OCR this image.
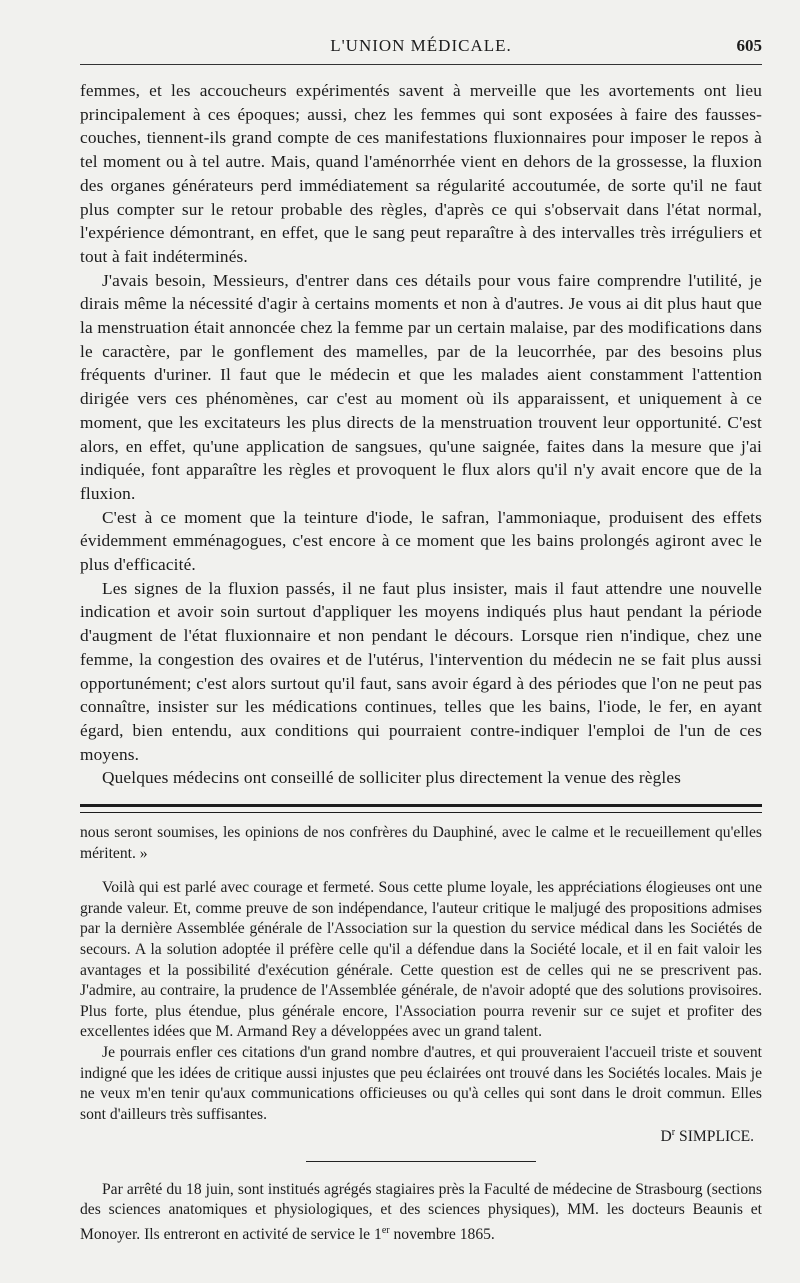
L'UNION MÉDICALE.	605

femmes, et les accoucheurs expérimentés savent à merveille que les avortements ont lieu principalement à ces époques; aussi, chez les femmes qui sont exposées à faire des fausses-couches, tiennent-ils grand compte de ces manifestations fluxionnaires pour imposer le repos à tel moment ou à tel autre. Mais, quand l'aménorrhée vient en dehors de la grossesse, la fluxion des organes générateurs perd immédiatement sa régularité accoutumée, de sorte qu'il ne faut plus compter sur le retour probable des règles, d'après ce qui s'observait dans l'état normal, l'expérience démontrant, en effet, que le sang peut reparaître à des intervalles très irréguliers et tout à fait indéterminés.

J'avais besoin, Messieurs, d'entrer dans ces détails pour vous faire comprendre l'utilité, je dirais même la nécessité d'agir à certains moments et non à d'autres. Je vous ai dit plus haut que la menstruation était annoncée chez la femme par un certain malaise, par des modifications dans le caractère, par le gonflement des mamelles, par de la leucorrhée, par des besoins plus fréquents d'uriner. Il faut que le médecin et que les malades aient constamment l'attention dirigée vers ces phénomènes, car c'est au moment où ils apparaissent, et uniquement à ce moment, que les excitateurs les plus directs de la menstruation trouvent leur opportunité. C'est alors, en effet, qu'une application de sangsues, qu'une saignée, faites dans la mesure que j'ai indiquée, font apparaître les règles et provoquent le flux alors qu'il n'y avait encore que de la fluxion.

C'est à ce moment que la teinture d'iode, le safran, l'ammoniaque, produisent des effets évidemment emménagogues, c'est encore à ce moment que les bains prolongés agiront avec le plus d'efficacité.

Les signes de la fluxion passés, il ne faut plus insister, mais il faut attendre une nouvelle indication et avoir soin surtout d'appliquer les moyens indiqués plus haut pendant la période d'augment de l'état fluxionnaire et non pendant le décours. Lorsque rien n'indique, chez une femme, la congestion des ovaires et de l'utérus, l'intervention du médecin ne se fait plus aussi opportunément; c'est alors surtout qu'il faut, sans avoir égard à des périodes que l'on ne peut pas connaître, insister sur les médications continues, telles que les bains, l'iode, le fer, en ayant égard, bien entendu, aux conditions qui pourraient contre-indiquer l'emploi de l'un de ces moyens.

Quelques médecins ont conseillé de solliciter plus directement la venue des règles

nous seront soumises, les opinions de nos confrères du Dauphiné, avec le calme et le recueillement qu'elles méritent. »

Voilà qui est parlé avec courage et fermeté. Sous cette plume loyale, les appréciations élogieuses ont une grande valeur. Et, comme preuve de son indépendance, l'auteur critique le maljugé des propositions admises par la dernière Assemblée générale de l'Association sur la question du service médical dans les Sociétés de secours. A la solution adoptée il préfère celle qu'il a défendue dans la Société locale, et il en fait valoir les avantages et la possibilité d'exécution générale. Cette question est de celles qui ne se prescrivent pas. J'admire, au contraire, la prudence de l'Assemblée générale, de n'avoir adopté que des solutions provisoires. Plus forte, plus étendue, plus générale encore, l'Association pourra revenir sur ce sujet et profiter des excellentes idées que M. Armand Rey a développées avec un grand talent.

Je pourrais enfler ces citations d'un grand nombre d'autres, et qui prouveraient l'accueil triste et souvent indigné que les idées de critique aussi injustes que peu éclairées ont trouvé dans les Sociétés locales. Mais je ne veux m'en tenir qu'aux communications officieuses ou qu'à celles qui sont dans le droit commun. Elles sont d'ailleurs très suffisantes.

$D^r$ SIMPLICE.

Par arrêté du 18 juin, sont institués agrégés stagiaires près la Faculté de médecine de Strasbourg (sections des sciences anatomiques et physiologiques, et des sciences physiques), MM. les docteurs Beaunis et Monoyer. Ils entreront en activité de service le 1er novembre 1865.
